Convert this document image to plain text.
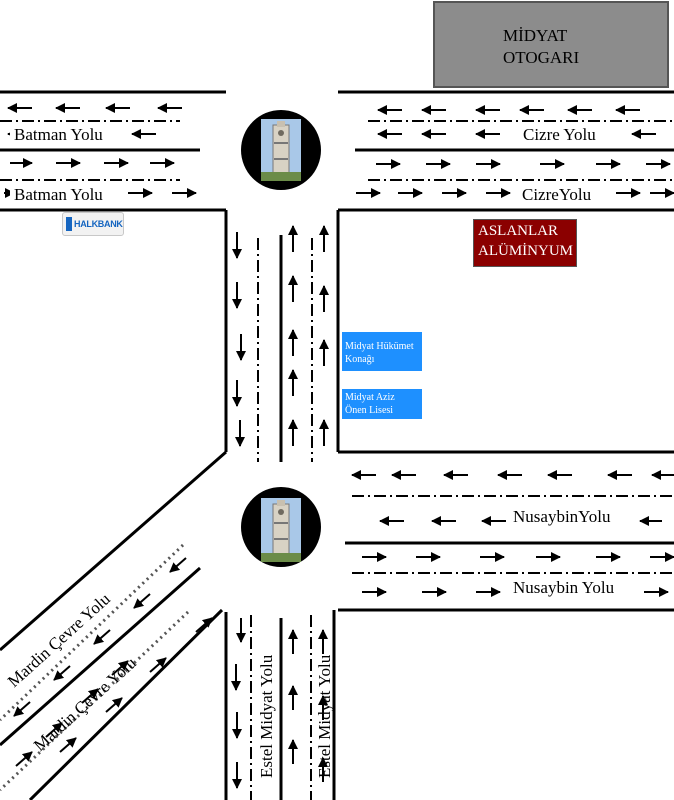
Batman Yolu
Batman Yolu
Cizre Yolu
CizreYolu
NusaybinYolu
Nusaybin Yolu
Mardin Çevre Yolu
Mardin Çevre Yolu	Estel Midyat Yolu Estel Midyat Yolu
MİDYAT
OTOGARI
ASLANLAR
ALÜMİNYUM
Midyat Hükümet
Konağı
Midyat Aziz
Önen Lisesi
HALKBANK
